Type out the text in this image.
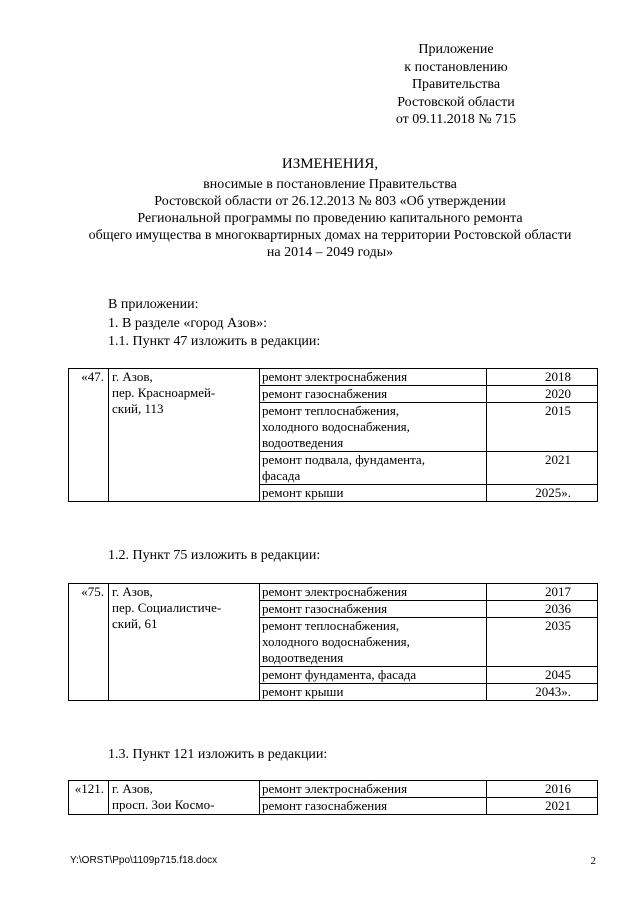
Приложение
к постановлению
Правительства
Ростовской области
от 09.11.2018 № 715
ИЗМЕНЕНИЯ,
вносимые в постановление Правительства
Ростовской области от 26.12.2013 № 803 «Об утверждении
Региональной программы по проведению капитального ремонта
общего имущества в многоквартирных домах на территории Ростовской области
на 2014 – 2049 годы»
В приложении:
1. В разделе «город Азов»:
1.1. Пункт 47 изложить в редакции:
«47.	г. Азов,
пер. Красноармей-
ский, 113	ремонт электроснабжения	2018
		ремонт газоснабжения	2020
		ремонт теплоснабжения,
холодного водоснабжения,
водоотведения	2015
		ремонт подвала, фундамента,
фасада	2021
		ремонт крыши	2025».
1.2. Пункт 75 изложить в редакции:
«75.	г. Азов,
пер. Социалистиче-
ский, 61	ремонт электроснабжения	2017
		ремонт газоснабжения	2036
		ремонт теплоснабжения,
холодного водоснабжения,
водоотведения	2035
		ремонт фундамента, фасада	2045
		ремонт крыши	2043».
1.3. Пункт 121 изложить в редакции:
«121.	г. Азов,
просп. Зои Космо-	ремонт электроснабжения	2016
		ремонт газоснабжения	2021
Y:\ORST\Ppo\1109p715.f18.docx	2
